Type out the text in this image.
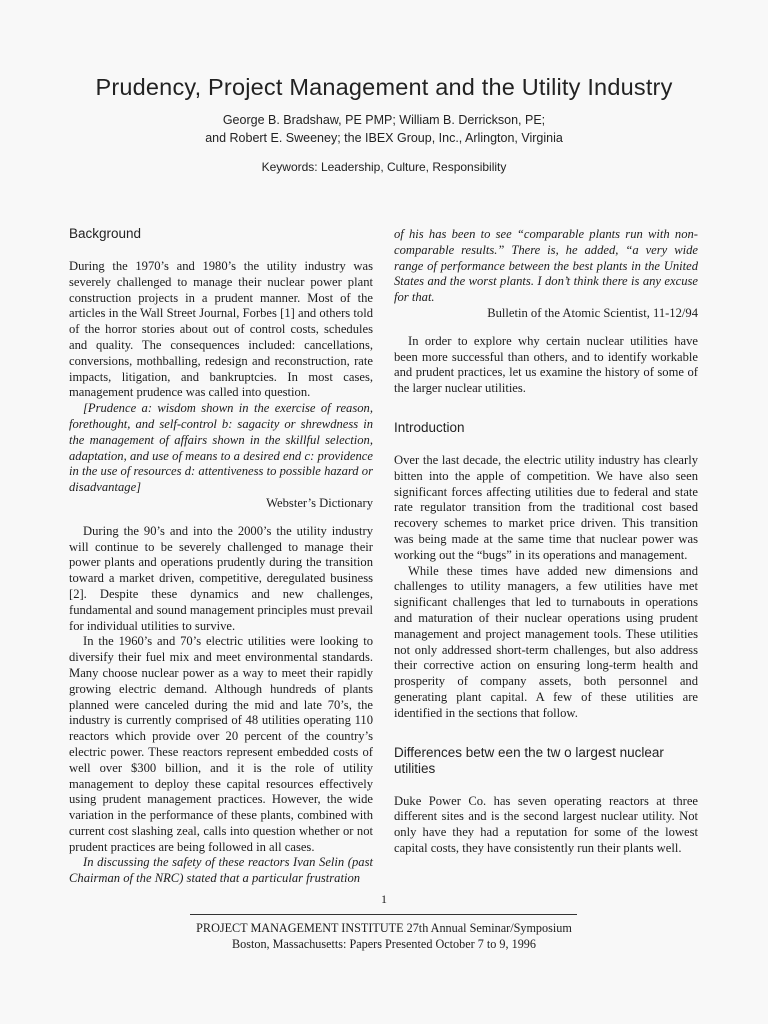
Prudency, Project Management and the Utility Industry
George B. Bradshaw, PE PMP; William B. Derrickson, PE;
and Robert E. Sweeney; the IBEX Group, Inc., Arlington, Virginia
Keywords: Leadership, Culture, Responsibility
Background

During the 1970’s and 1980’s the utility industry was severely challenged to manage their nuclear power plant construction projects in a prudent manner. Most of the articles in the Wall Street Journal, Forbes [1] and others told of the horror stories about out of control costs, schedules and quality. The consequences included: cancellations, conversions, mothballing, redesign and reconstruction, rate impacts, litigation, and bankruptcies. In most cases, management prudence was called into question.

[Prudence a: wisdom shown in the exercise of reason, forethought, and self-control b: sagacity or shrewdness in the management of affairs shown in the skillful selection, adaptation, and use of means to a desired end c: providence in the use of resources d: attentiveness to possible hazard or disadvantage]

Webster’s Dictionary

During the 90’s and into the 2000’s the utility industry will continue to be severely challenged to manage their power plants and operations prudently during the transition toward a market driven, competitive, deregulated business [2]. Despite these dynamics and new challenges, fundamental and sound management principles must prevail for individual utilities to survive.

In the 1960’s and 70’s electric utilities were looking to diversify their fuel mix and meet environmental standards. Many choose nuclear power as a way to meet their rapidly growing electric demand. Although hundreds of plants planned were canceled during the mid and late 70’s, the industry is currently comprised of 48 utilities operating 110 reactors which provide over 20 percent of the country’s electric power. These reactors represent embedded costs of well over $300 billion, and it is the role of utility management to deploy these capital resources effectively using prudent management practices. However, the wide variation in the performance of these plants, combined with current cost slashing zeal, calls into question whether or not prudent practices are being followed in all cases.

In discussing the safety of these reactors Ivan Selin (past Chairman of the NRC) stated that a particular frustration

of his has been to see “comparable plants run with non-comparable results.” There is, he added, “a very wide range of performance between the best plants in the United States and the worst plants. I don’t think there is any excuse for that.

Bulletin of the Atomic Scientist, 11-12/94

In order to explore why certain nuclear utilities have been more successful than others, and to identify workable and prudent practices, let us examine the history of some of the larger nuclear utilities.

Introduction

Over the last decade, the electric utility industry has clearly bitten into the apple of competition. We have also seen significant forces affecting utilities due to federal and state rate regulator transition from the traditional cost based recovery schemes to market price driven. This transition was being made at the same time that nuclear power was working out the “bugs” in its operations and management.

While these times have added new dimensions and challenges to utility managers, a few utilities have met significant challenges that led to turnabouts in operations and maturation of their nuclear operations using prudent management and project management tools. These utilities not only addressed short-term challenges, but also address their corrective action on ensuring long-term health and prosperity of company assets, both personnel and generating plant capital. A few of these utilities are identified in the sections that follow.

Differences betw een the tw o largest nuclear utilities

Duke Power Co. has seven operating reactors at three different sites and is the second largest nuclear utility. Not only have they had a reputation for some of the lowest capital costs, they have consistently run their plants well.

1
PROJECT MANAGEMENT INSTITUTE 27th Annual Seminar/Symposium
Boston, Massachusetts: Papers Presented October 7 to 9, 1996
